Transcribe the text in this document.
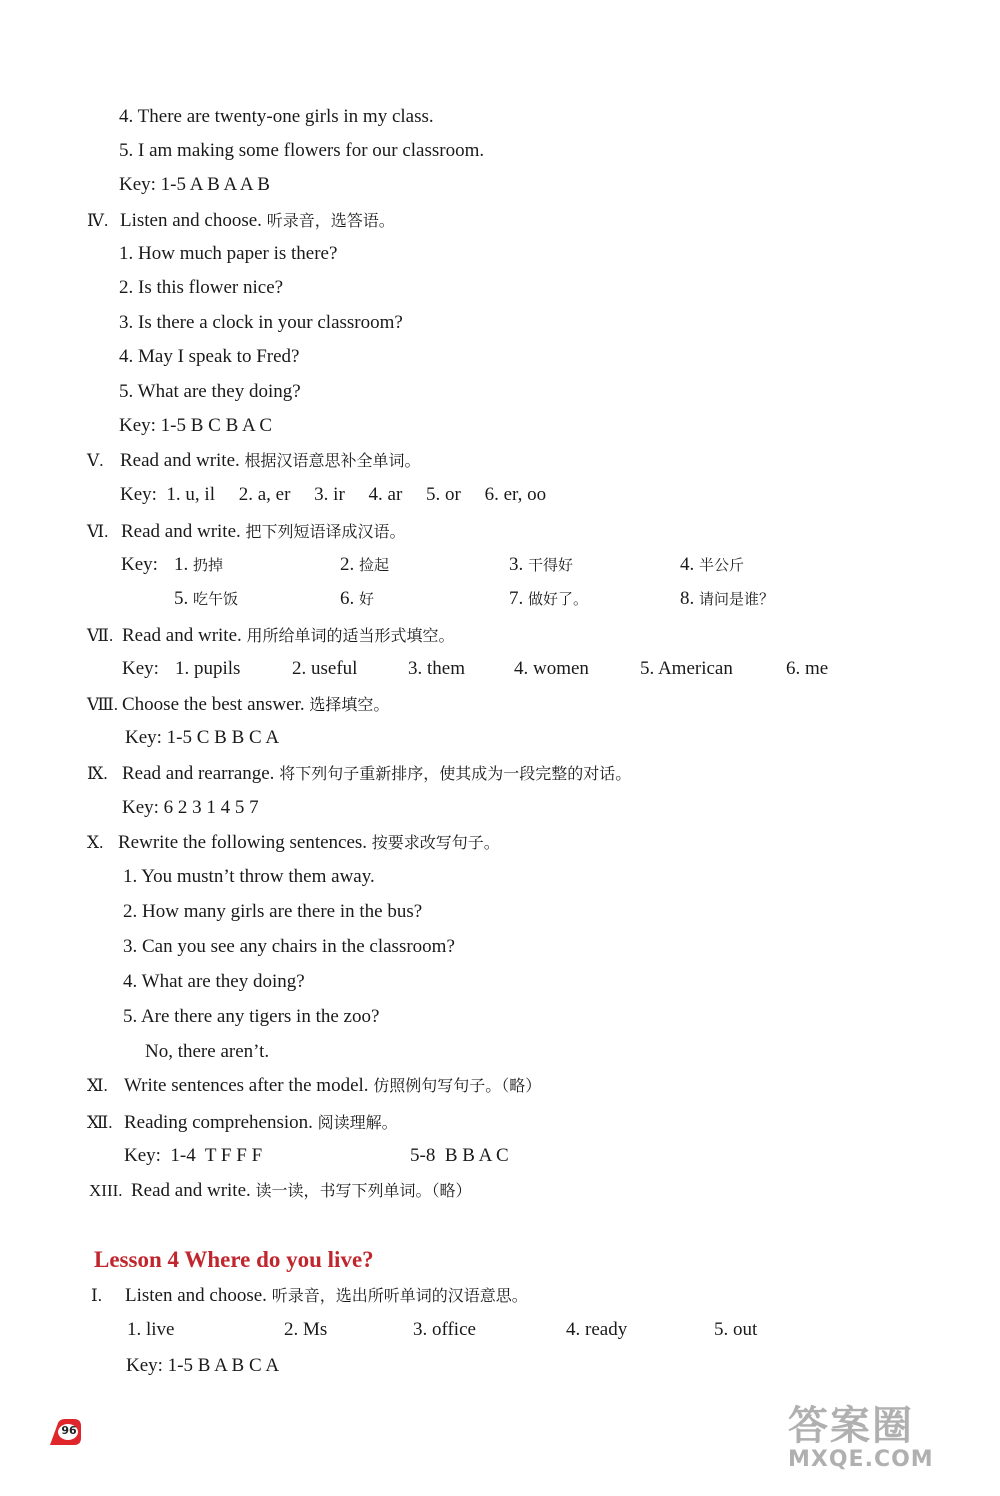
4. There are twenty-one girls in my class.
5. I am making some flowers for our classroom.
Key: 1-5 A B A A B
Ⅳ. Listen and choose. 听录音，选答语。
1. How much paper is there?
2. Is this flower nice?
3. Is there a clock in your classroom?
4. May I speak to Fred?
5. What are they doing?
Key: 1-5 B C B A C
Ⅴ. Read and write. 根据汉语意思补全单词。
Key:  1. u, il     2. a, er     3. ir     4. ar     5. or     6. er, oo
Ⅵ. Read and write. 把下列短语译成汉语。
Key: 1. 扔掉	2. 捡起	3. 干得好	4. 半公斤
5. 吃午饭	6. 好	7. 做好了。	8. 请问是谁？
Ⅶ. Read and write. 用所给单词的适当形式填空。
Key: 1. pupils	2. useful	3. them	4. women	5. American	6. me
Ⅷ. Choose the best answer. 选择填空。
Key: 1-5 C B B C A
Ⅸ. Read and rearrange. 将下列句子重新排序，使其成为一段完整的对话。
Key: 6 2 3 1 4 5 7
Ⅹ. Rewrite the following sentences. 按要求改写句子。
1. You mustn’t throw them away.
2. How many girls are there in the bus?
3. Can you see any chairs in the classroom?
4. What are they doing?
5. Are there any tigers in the zoo?
No, there aren’t.
Ⅺ. Write sentences after the model. 仿照例句写句子。（略）
Ⅻ. Reading comprehension. 阅读理解。
Key:  1-4  T F F F	5-8  B B A C
XIII. Read and write. 读一读，书写下列单词。（略）
Lesson 4 Where do you live?
Ⅰ. Listen and choose. 听录音，选出所听单词的汉语意思。
1. live	2. Ms	3. office	4. ready	5. out
Key: 1-5 B A B C A
96	答案圈
MXQE.COM
